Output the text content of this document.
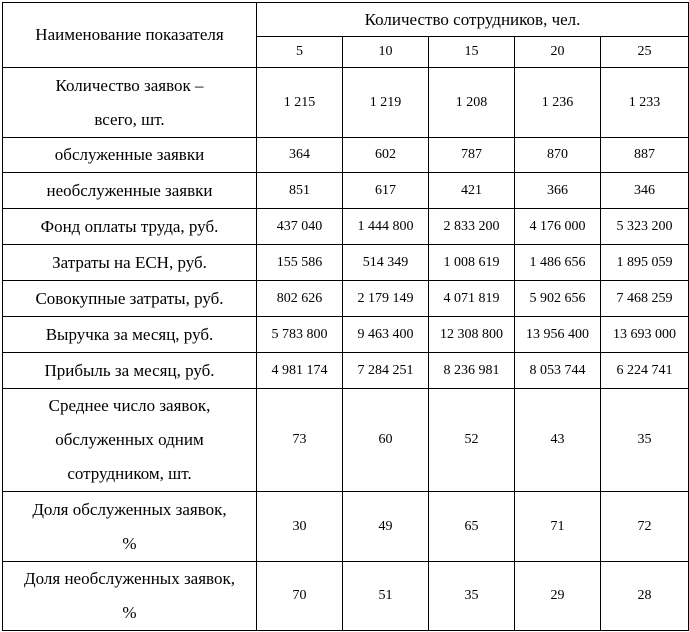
Наименование показателя	Количество сотрудников, чел.				
	5	10	15	20	25

Количество заявок –
всего, шт.	1 215	1 219	1 208	1 236	1 233

обслуженные заявки	364	602	787	870	887

необслуженные заявки	851	617	421	366	346

Фонд оплаты труда, руб.	437 040	1 444 800	2 833 200	4 176 000	5 323 200

Затраты на ЕСН, руб.	155 586	514 349	1 008 619	1 486 656	1 895 059

Совокупные затраты, руб.	802 626	2 179 149	4 071 819	5 902 656	7 468 259

Выручка за месяц, руб.	5 783 800	9 463 400	12 308 800	13 956 400	13 693 000

Прибыль за месяц, руб.	4 981 174	7 284 251	8 236 981	8 053 744	6 224 741

Среднее число заявок,
обслуженных одним
сотрудником, шт.	73	60	52	43	35

Доля обслуженных заявок,
%	30	49	65	71	72

Доля необслуженных заявок,
%	70	51	35	29	28
